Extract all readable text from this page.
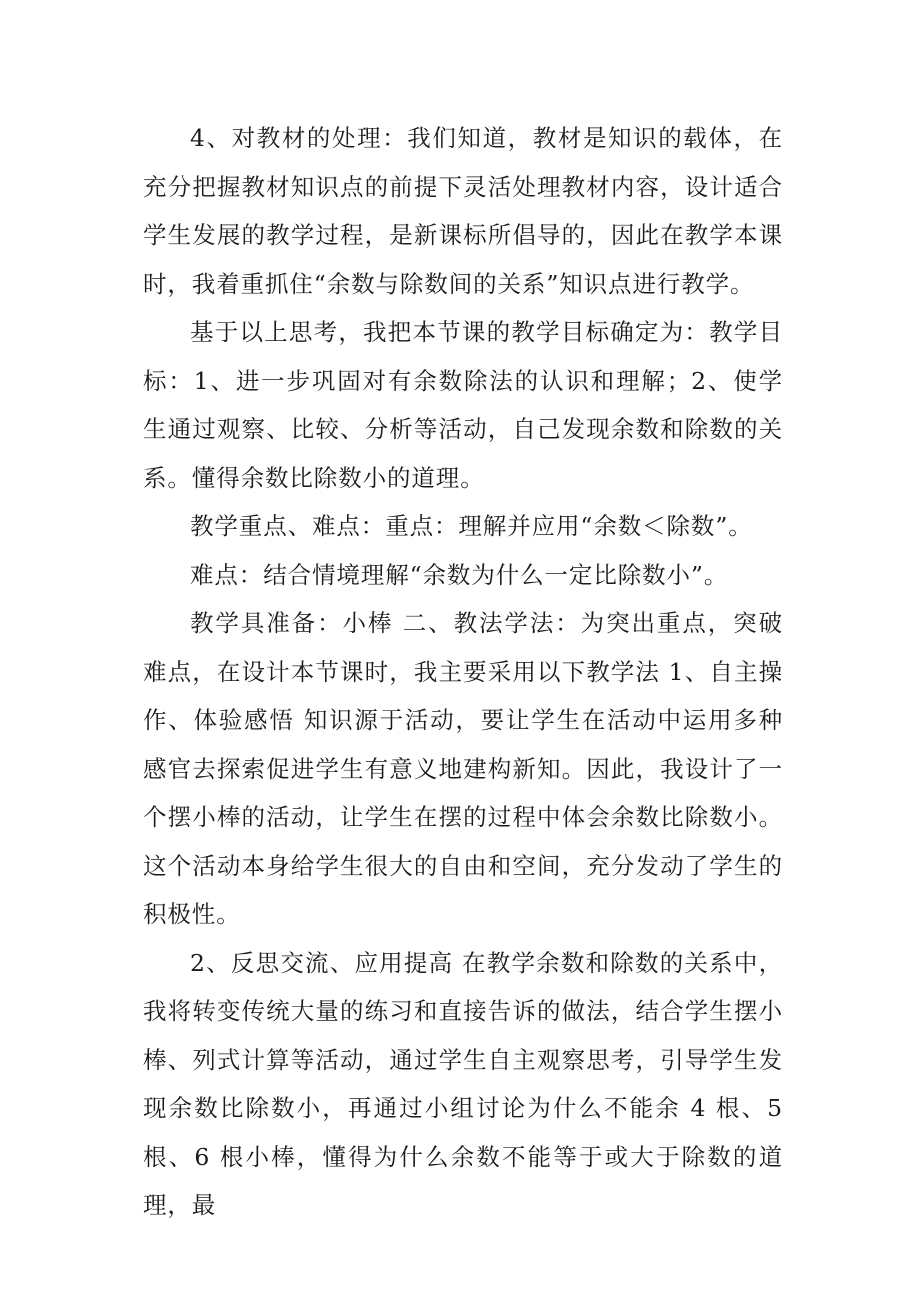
4、对教材的处理：我们知道，教材是知识的载体，在充分把握教材知识点的前提下灵活处理教材内容，设计适合学生发展的教学过程，是新课标所倡导的，因此在教学本课时，我着重抓住“余数与除数间的关系”知识点进行教学。

基于以上思考，我把本节课的教学目标确定为：教学目标：1、进一步巩固对有余数除法的认识和理解；2、使学生通过观察、比较、分析等活动，自己发现余数和除数的关系。懂得余数比除数小的道理。

教学重点、难点：重点：理解并应用“余数＜除数”。

难点：结合情境理解“余数为什么一定比除数小”。

教学具准备：小棒 二、教法学法：为突出重点，突破难点，在设计本节课时，我主要采用以下教学法 1、自主操作、体验感悟 知识源于活动，要让学生在活动中运用多种感官去探索促进学生有意义地建构新知。因此，我设计了一个摆小棒的活动，让学生在摆的过程中体会余数比除数小。这个活动本身给学生很大的自由和空间，充分发动了学生的积极性。

2、反思交流、应用提高 在教学余数和除数的关系中，我将转变传统大量的练习和直接告诉的做法，结合学生摆小棒、列式计算等活动，通过学生自主观察思考，引导学生发现余数比除数小，再通过小组讨论为什么不能余 4 根、5 根、6 根小棒，懂得为什么余数不能等于或大于除数的道理，最
